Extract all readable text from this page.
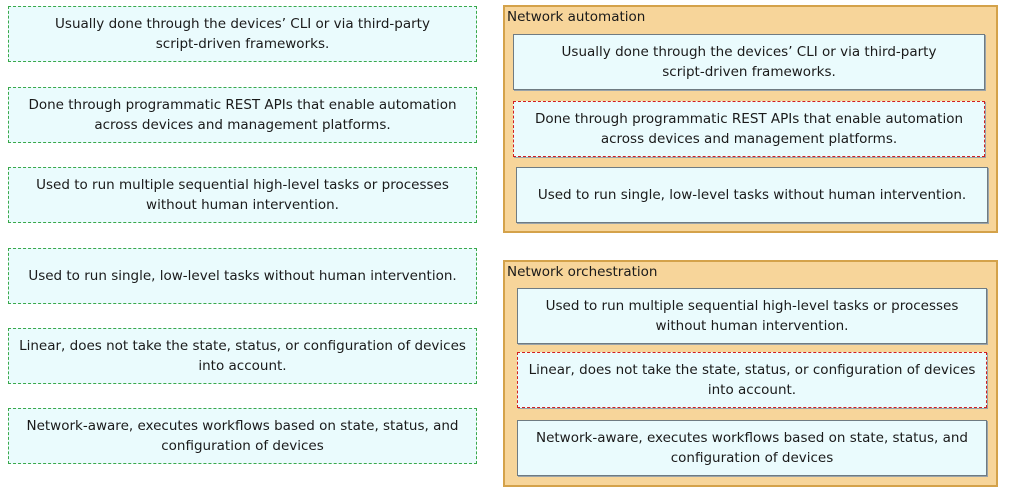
Usually done through the devices’ CLI or via third-party script-driven frameworks.
Done through programmatic REST APIs that enable automation across devices and management platforms.
Used to run multiple sequential high-level tasks or processes without human intervention.
Used to run single, low-level tasks without human intervention.
Linear, does not take the state, status, or configuration of devices into account.
Network-aware, executes workflows based on state, status, and configuration of devices
Network automation
Usually done through the devices’ CLI or via third-party script-driven frameworks.
Done through programmatic REST APIs that enable automation across devices and management platforms.
Used to run single, low-level tasks without human intervention.
Network orchestration
Used to run multiple sequential high-level tasks or processes without human intervention.
Linear, does not take the state, status, or configuration of devices into account.
Network-aware, executes workflows based on state, status, and configuration of devices
